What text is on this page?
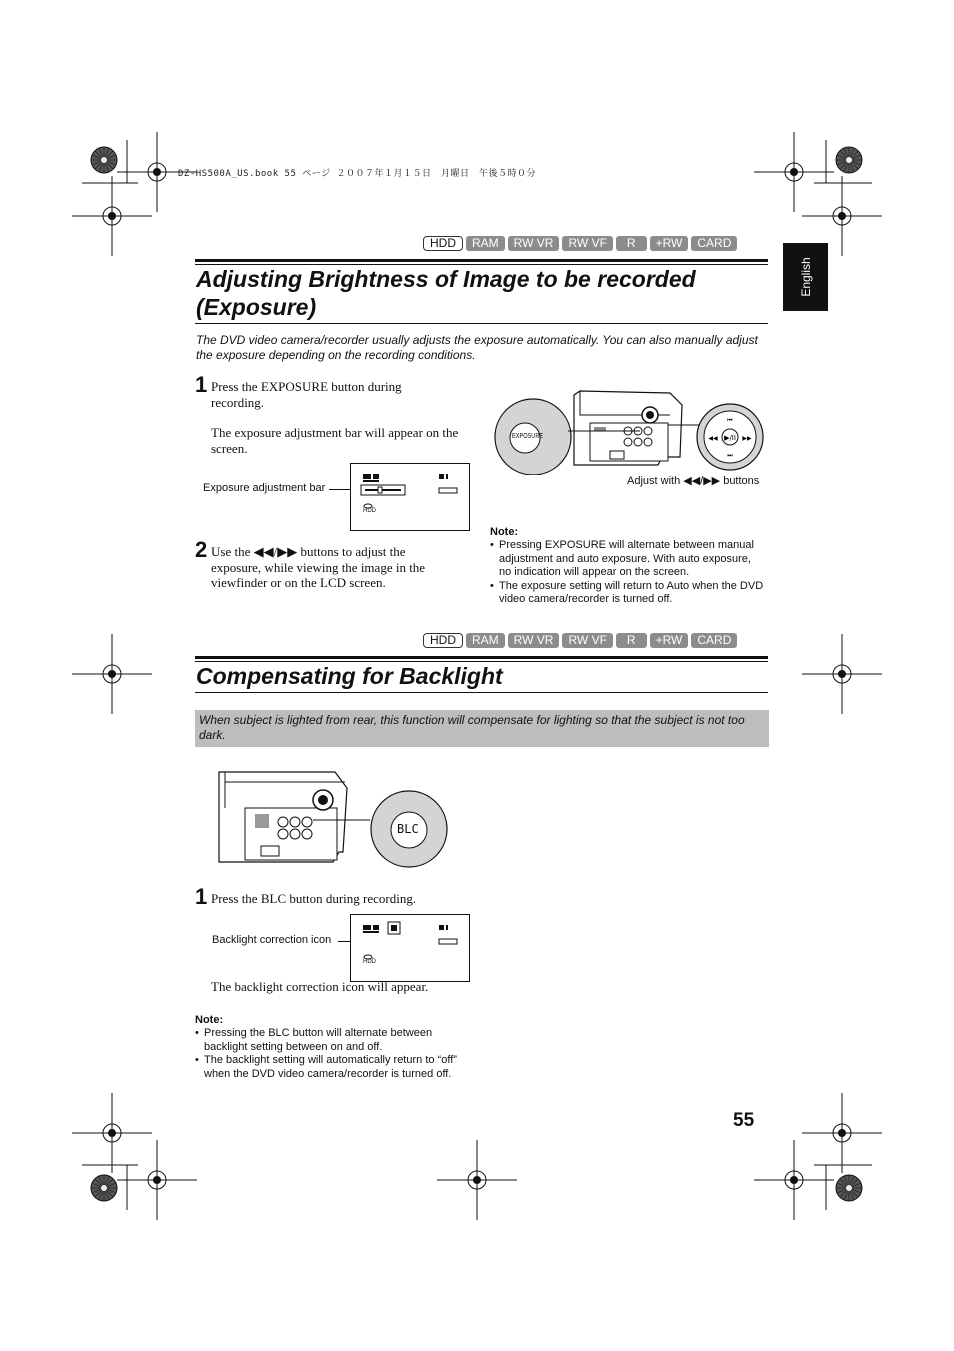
DZ-HS500A_US.book 55 ページ ２００７年１月１５日　月曜日　午後５時０分
English
HDD	RAM	RW VR	RW VF	R	+RW	CARD
Adjusting Brightness of Image to be recorded
(Exposure)
The DVD video camera/recorder usually adjusts the exposure automatically. You can also manually adjust the exposure depending on the recording conditions.
1 Press the EXPOSURE button during recording.
The exposure adjustment bar will appear on the screen.
Exposure adjustment bar
HDD
▶/II
⏮
⏭
◀◀	▶▶
EXPOSURE
Adjust with ◀◀/▶▶ buttons
2 Use the ◀◀/▶▶ buttons to adjust the exposure, while viewing the image in the viewfinder or on the LCD screen.
Note:
• Pressing EXPOSURE will alternate between manual adjustment and auto exposure. With auto exposure, no indication will appear on the screen.
• The exposure setting will return to Auto when the DVD video camera/recorder is turned off.
HDD	RAM	RW VR	RW VF	R	+RW	CARD
Compensating for Backlight
When subject is lighted from rear, this function will compensate for lighting so that the subject is not too dark.
BLC
1 Press the BLC button during recording.
Backlight correction icon
HDD
The backlight correction icon will appear.
Note:
• Pressing the BLC button will alternate between backlight setting between on and off.
• The backlight setting will automatically return to “off” when the DVD video camera/recorder is turned off.
55
